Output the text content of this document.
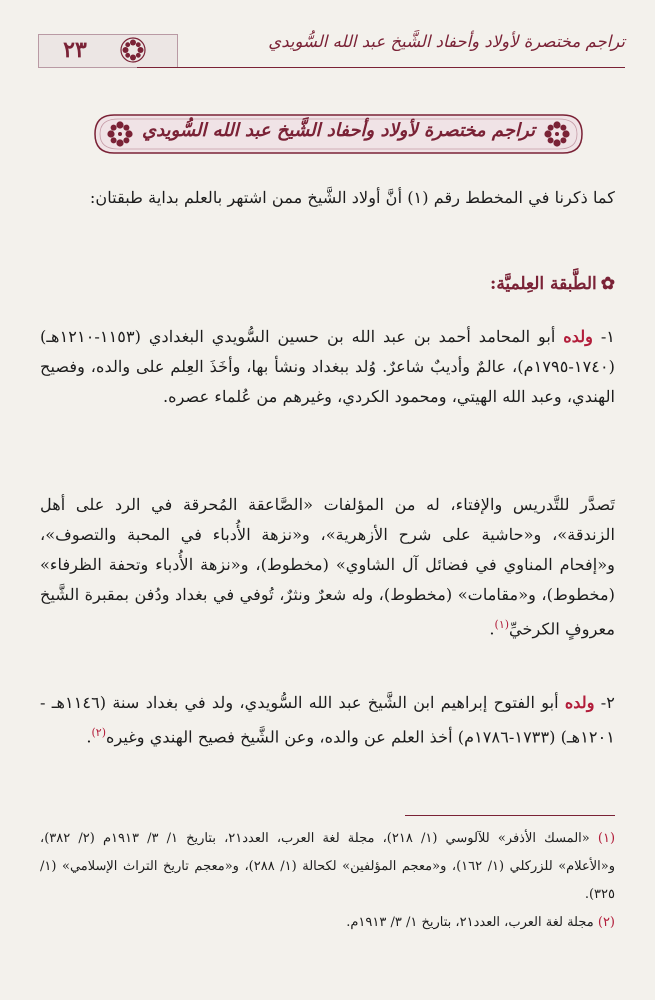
تراجم مختصرة لأولاد وأحفاد الشَّيخ عبد الله السُّويدي
٢٣
تراجم مختصرة لأولاد وأحفاد الشَّيخ عبد الله السُّويدي

كما ذكرنا في المخطط رقم (١) أنَّ أولاد الشَّيخ ممن اشتهر بالعلم بداية طبقتان:

✿الطَّبقة العِلميَّة:

١- ولده أبو المحامد أحمد بن عبد الله بن حسين السُّويدي البغدادي (١١٥٣-١٢١٠هـ) (١٧٤٠-١٧٩٥م)، عالمٌ وأديبٌ شاعرٌ. وُلد ببغداد ونشأ بها، وأخَذَ العِلم على والده، وفصيح الهندي، وعبد الله الهيتي، ومحمود الكردي، وغيرهم من عُلماء عصره.

تَصدَّر للتَّدريس والإفتاء، له من المؤلفات «الصَّاعقة المُحرقة في الرد على أهل الزندقة»، و«حاشية على شرح الأزهرية»، و«نزهة الأُدباء في المحبة والتصوف»، و«إفحام المناوي في فضائل آل الشاوي» (مخطوط)، و«نزهة الأُدباء وتحفة الظرفاء» (مخطوط)، و«مقامات» (مخطوط)، وله شعرٌ ونثرٌ، تُوفي في بغداد ودُفن بمقبرة الشَّيخ معروفٍ الكرخيِّ$^{(١)}$.

٢- ولده أبو الفتوح إبراهيم ابن الشَّيخ عبد الله السُّويدي، ولد في بغداد سنة (١١٤٦هـ - ١٢٠١هـ) (١٧٣٣-١٧٨٦م) أخذ العلم عن والده، وعن الشَّيخ فصيح الهندي وغيره$^{(٢)}$.

(١) «المسك الأذفر» للآلوسي (١/ ٢١٨)، مجلة لغة العرب، العدد٢١، بتاريخ ١/ ٣/ ١٩١٣م (٢/ ٣٨٢)، و«الأعلام» للزركلي (١/ ١٦٢)، و«معجم المؤلفين» لكحالة (١/ ٢٨٨)، و«معجم تاريخ التراث الإسلامي» (١/ ٣٢٥).

(٢) مجلة لغة العرب، العدد٢١، بتاريخ ١/ ٣/ ١٩١٣م.
